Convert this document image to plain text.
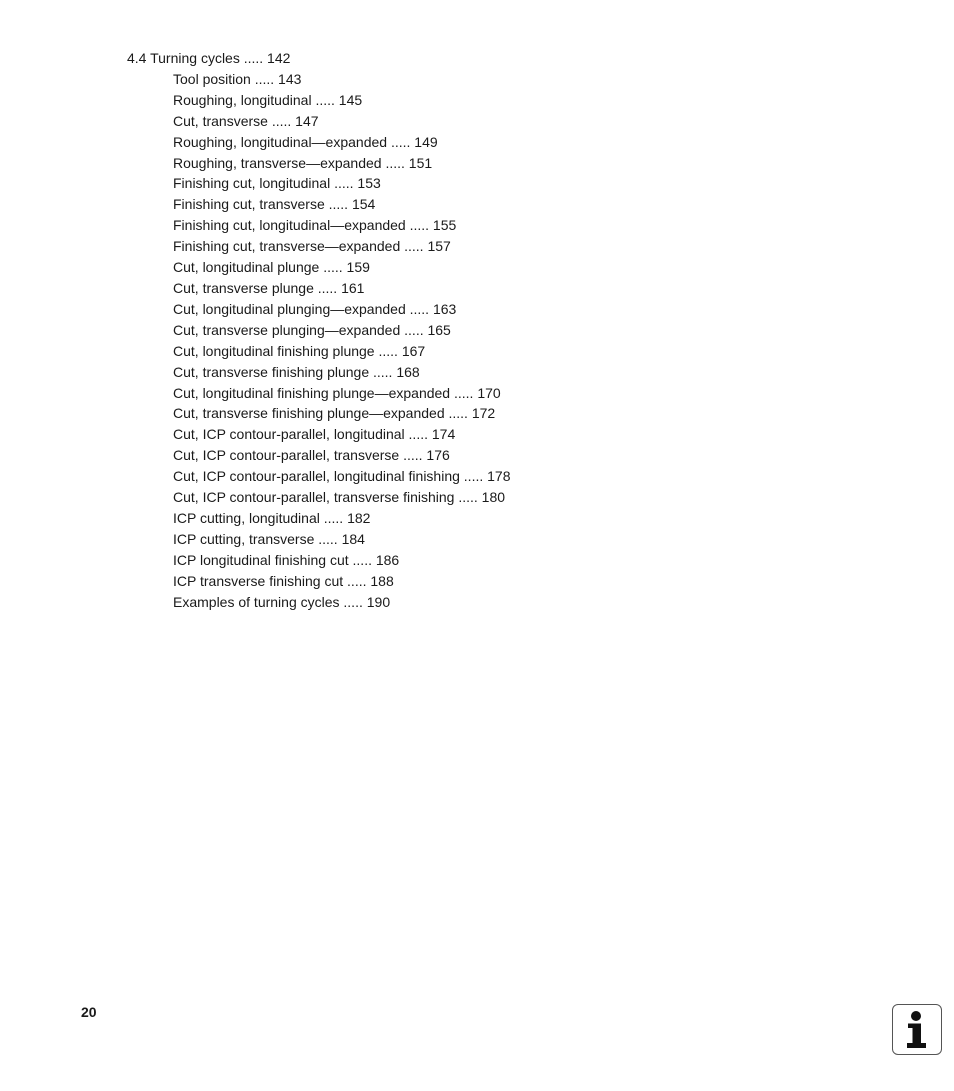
4.4 Turning cycles ..... 142
Tool position ..... 143
Roughing, longitudinal ..... 145
Cut, transverse ..... 147
Roughing, longitudinal—expanded ..... 149
Roughing, transverse—expanded ..... 151
Finishing cut, longitudinal ..... 153
Finishing cut, transverse ..... 154
Finishing cut, longitudinal—expanded ..... 155
Finishing cut, transverse—expanded ..... 157
Cut, longitudinal plunge ..... 159
Cut, transverse plunge ..... 161
Cut, longitudinal plunging—expanded ..... 163
Cut, transverse plunging—expanded ..... 165
Cut, longitudinal finishing plunge ..... 167
Cut, transverse finishing plunge ..... 168
Cut, longitudinal finishing plunge—expanded ..... 170
Cut, transverse finishing plunge—expanded ..... 172
Cut, ICP contour-parallel, longitudinal ..... 174
Cut, ICP contour-parallel, transverse ..... 176
Cut, ICP contour-parallel, longitudinal finishing ..... 178
Cut, ICP contour-parallel, transverse finishing ..... 180
ICP cutting, longitudinal ..... 182
ICP cutting, transverse ..... 184
ICP longitudinal finishing cut ..... 186
ICP transverse finishing cut ..... 188
Examples of turning cycles ..... 190
20
